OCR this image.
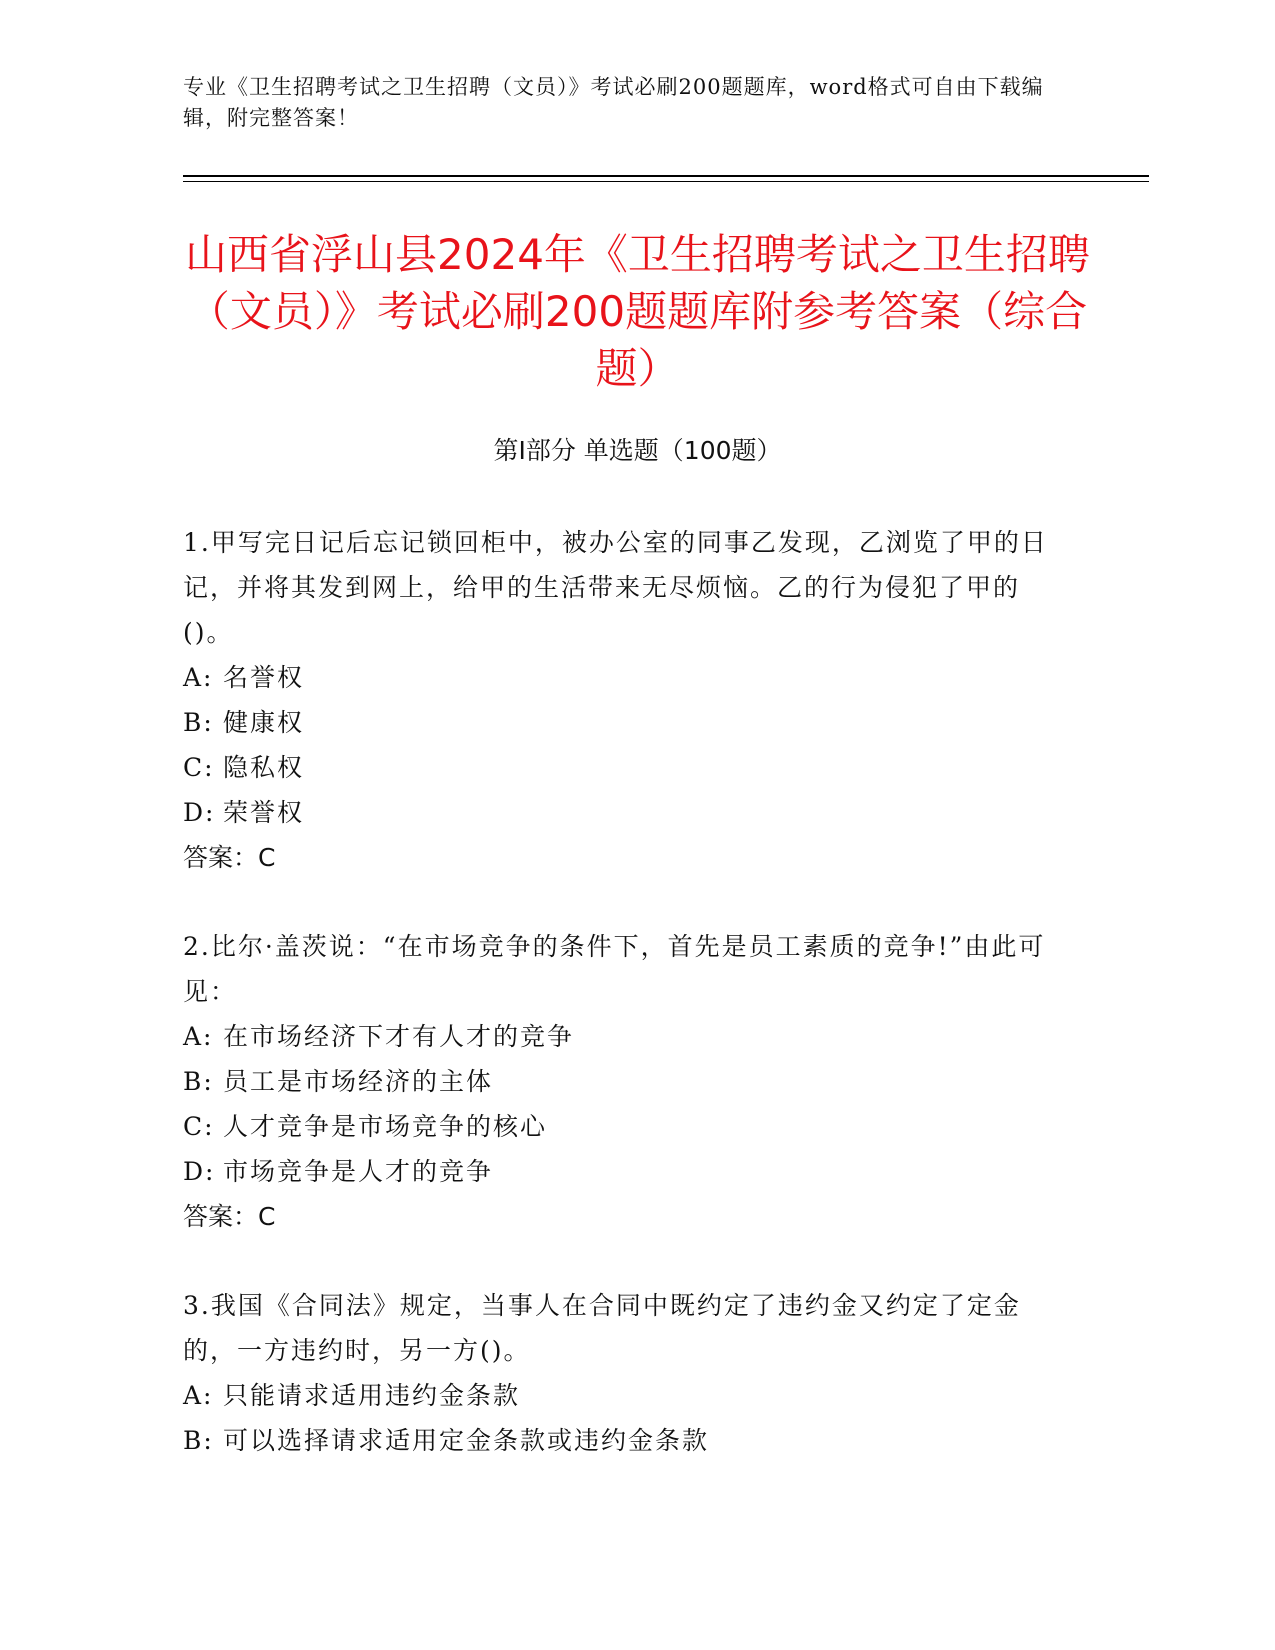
专业《卫生招聘考试之卫生招聘（文员）》考试必刷200题题库，word格式可自由下载编辑，附完整答案！
山西省浮山县2024年《卫生招聘考试之卫生招聘（文员）》考试必刷200题题库附参考答案（综合题）
第Ⅰ部分 单选题（100题）

1.甲写完日记后忘记锁回柜中，被办公室的同事乙发现，乙浏览了甲的日记，并将其发到网上，给甲的生活带来无尽烦恼。乙的行为侵犯了甲的()。

A: 名誉权
B: 健康权
C: 隐私权
D: 荣誉权

答案：C

2.比尔·盖茨说：“在市场竞争的条件下，首先是员工素质的竞争!”由此可见：

A: 在市场经济下才有人才的竞争
B: 员工是市场经济的主体
C: 人才竞争是市场竞争的核心
D: 市场竞争是人才的竞争

答案：C

3.我国《合同法》规定，当事人在合同中既约定了违约金又约定了定金的，一方违约时，另一方()。

A: 只能请求适用违约金条款
B: 可以选择请求适用定金条款或违约金条款
